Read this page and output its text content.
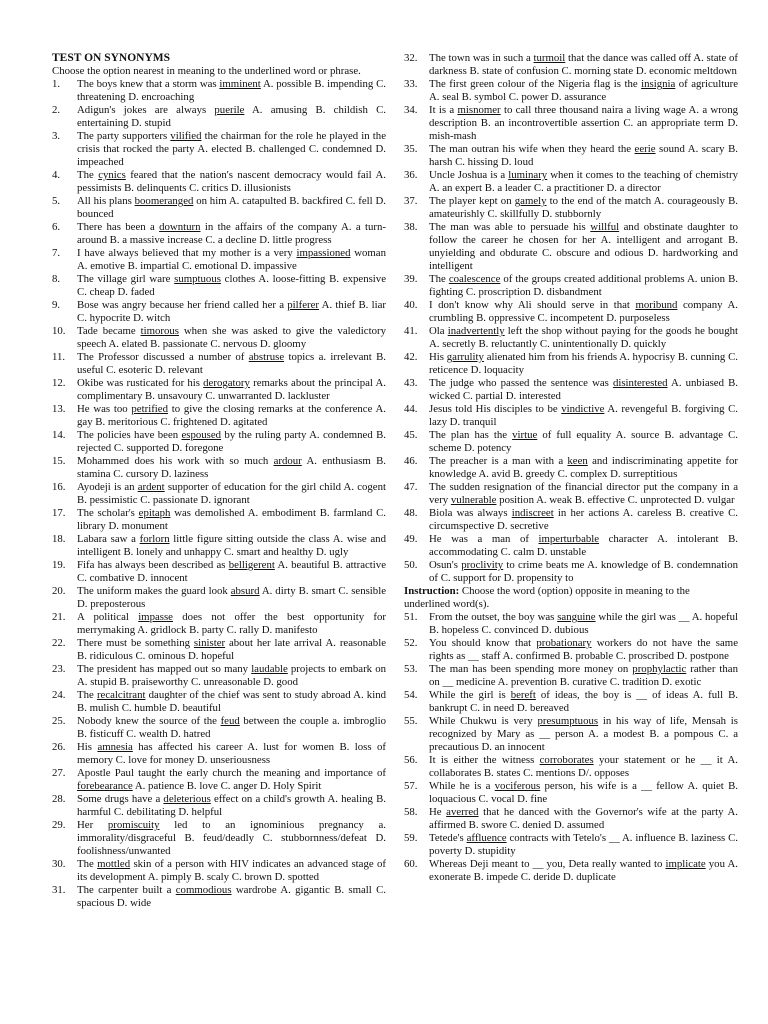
TEST ON SYNONYMS
Choose the option nearest in meaning to the underlined word or phrase.
1.	The boys knew that a storm was imminent A. possible B. impending C. threatening D. encroaching
2.	Adigun's jokes are always puerile A. amusing B. childish C. entertaining D. stupid
3.	The party supporters vilified the chairman for the role he played in the crisis that rocked the party A. elected B. challenged C. condemned D. impeached
4.	The cynics feared that the nation's nascent democracy would fail A. pessimists B. delinquents C. critics D. illusionists
5.	All his plans boomeranged on him A. catapulted B. backfired C. fell D. bounced
6.	There has been a downturn in the affairs of the company A. a turn-around B. a massive increase C. a decline D. little progress
7.	I have always believed that my mother is a very impassioned woman A. emotive B. impartial C. emotional D. impassive
8.	The village girl ware sumptuous clothes A. loose-fitting B. expensive C. cheap D. faded
9.	Bose was angry because her friend called her a pilferer A. thief B. liar C. hypocrite D. witch
10.	Tade became timorous when she was asked to give the valedictory speech A. elated B. passionate C. nervous D. gloomy
11.	The Professor discussed a number of abstruse topics a. irrelevant B. useful C. esoteric D. relevant
12.	Okibe was rusticated for his derogatory remarks about the principal A. complimentary B. unsavoury C. unwarranted D. lackluster
13.	He was too petrified to give the closing remarks at the conference A. gay B. meritorious C. frightened D. agitated
14.	The policies have been espoused by the ruling party A. condemned B. rejected C. supported D. foregone
15.	Mohammed does his work with so much ardour A. enthusiasm B. stamina C. cursory D. laziness
16.	Ayodeji is an ardent supporter of education for the girl child A. cogent B. pessimistic C. passionate D. ignorant
17.	The scholar's epitaph was demolished A. embodiment B. farmland C. library D. monument
18.	Labara saw a forlorn little figure sitting outside the class A. wise and intelligent B. lonely and unhappy C. smart and healthy D. ugly
19.	Fifa has always been described as belligerent A. beautiful B. attractive C. combative D. innocent
20.	The uniform makes the guard look absurd A. dirty B. smart C. sensible D. preposterous
21.	A political impasse does not offer the best opportunity for merrymaking A. gridlock B. party C. rally D. manifesto
22.	There must be something sinister about her late arrival A. reasonable B. ridiculous C. ominous D. hopeful
23.	The president has mapped out so many laudable projects to embark on A. stupid B. praiseworthy C. unreasonable D. good
24.	The recalcitrant daughter of the chief was sent to study abroad A. kind B. mulish C. humble D. beautiful
25.	Nobody knew the source of the feud between the couple a. imbroglio B. fisticuff C. wealth D. hatred
26.	His amnesia has affected his career A. lust for women B. loss of memory C. love for money D. unseriousness
27.	Apostle Paul taught the early church the meaning and importance of forebearance A. patience B. love C. anger D. Holy Spirit
28.	Some drugs have a deleterious effect on a child's growth A. healing B. harmful C. debilitating D. helpful
29.	Her promiscuity led to an ignominious pregnancy a. immorality/disgraceful B. feud/deadly C. stubbornness/defeat D. foolishness/unwanted
30.	The mottled skin of a person with HIV indicates an advanced stage of its development A. pimply B. scaly C. brown D. spotted
31.	The carpenter built a commodious wardrobe A. gigantic B. small C. spacious D. wide
32.	The town was in such a turmoil that the dance was called off A. state of darkness B. state of confusion C. morning state D. economic meltdown
33.	The first green colour of the Nigeria flag is the insignia of agriculture A. seal B. symbol C. power D. assurance
34.	It is a misnomer to call three thousand naira a living wage A. a wrong description B. an incontrovertible assertion C. an appropriate term D. mish-mash
35.	The man outran his wife when they heard the eerie sound A. scary B. harsh C. hissing D. loud
36.	Uncle Joshua is a luminary when it comes to the teaching of chemistry A. an expert B. a leader C. a practitioner D. a director
37.	The player kept on gamely to the end of the match A. courageously B. amateurishly C. skillfully D. stubbornly
38.	The man was able to persuade his willful and obstinate daughter to follow the career he chosen for her A. intelligent and arrogant B. unyielding and obdurate C. obscure and odious D. hardworking and intelligent
39.	The coalescence of the groups created additional problems A. union B. fighting C. proscription D. disbandment
40.	I don't know why Ali should serve in that moribund company A. crumbling B. oppressive C. incompetent D. purposeless
41.	Ola inadvertently left the shop without paying for the goods he bought A. secretly B. reluctantly C. unintentionally D. quickly
42.	His garrulity alienated him from his friends A. hypocrisy B. cunning C. reticence D. loquacity
43.	The judge who passed the sentence was disinterested A. unbiased B. wicked C. partial D. interested
44.	Jesus told His disciples to be vindictive A. revengeful B. forgiving C. lazy D. tranquil
45.	The plan has the virtue of full equality A. source B. advantage C. scheme D. potency
46.	The preacher is a man with a keen and indiscriminating appetite for knowledge A. avid B. greedy C. complex D. surreptitious
47.	The sudden resignation of the financial director put the company in a very vulnerable position A. weak B. effective C. unprotected D. vulgar
48.	Biola was always indiscreet in her actions A. careless B. creative C. circumspective D. secretive
49.	He was a man of imperturbable character A. intolerant B. accommodating C. calm D. unstable
50.	Osun's proclivity to crime beats me A. knowledge of B. condemnation of C. support for D. propensity to
Instruction: Choose the word (option) opposite in meaning to the underlined word(s).
51.	From the outset, the boy was sanguine while the girl was __ A. hopeful B. hopeless C. convinced D. dubious
52.	You should know that probationary workers do not have the same rights as __ staff A. confirmed B. probable C. proscribed D. postpone
53.	The man has been spending more money on prophylactic rather than on __ medicine A. prevention B. curative C. tradition D. exotic
54.	While the girl is bereft of ideas, the boy is __ of ideas A. full B. bankrupt C. in need D. bereaved
55.	While Chukwu is very presumptuous in his way of life, Mensah is recognized by Mary as __ person A. a modest B. a pompous C. a precautious D. an innocent
56.	It is either the witness corroborates your statement or he __ it A. collaborates B. states C. mentions D/. opposes
57.	While he is a vociferous person, his wife is a __ fellow A. quiet B. loquacious C. vocal D. fine
58.	He averred that he danced with the Governor's wife at the party A. affirmed B. swore C. denied D. assumed
59.	Tetede's affluence contracts with Tetelo's __ A. influence B. laziness C. poverty D. stupidity
60.	Whereas Deji meant to __ you, Deta really wanted to implicate you A. exonerate B. impede C. deride D. duplicate
